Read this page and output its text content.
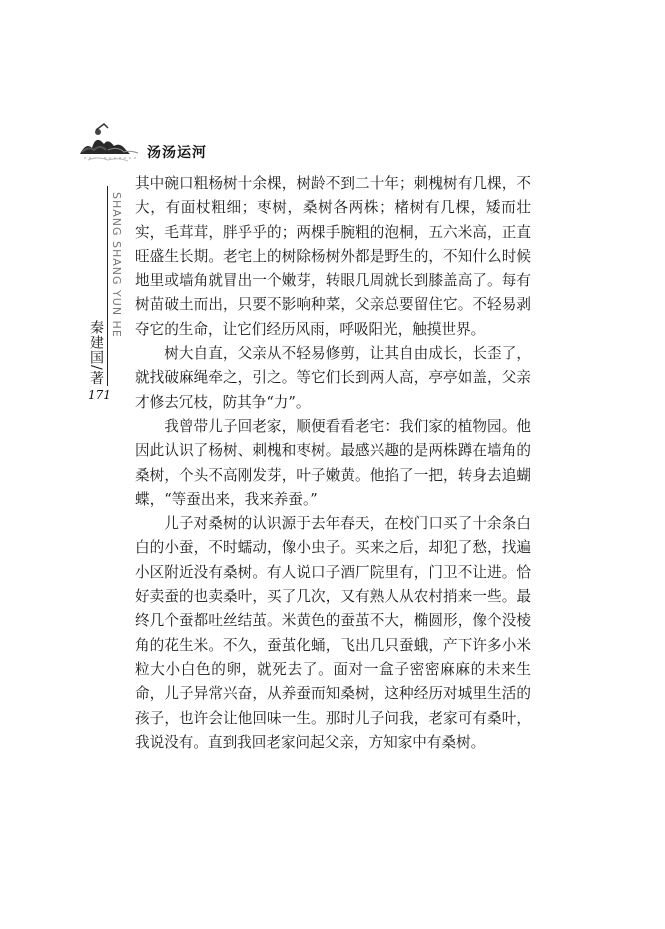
汤汤运河
SHANG SHANG YUN HE
秦建国/著
171

其中碗口粗杨树十余棵，树龄不到二十年；刺槐树有几棵，不大，有面杖粗细；枣树，桑树各两株；楮树有几棵，矮而壮实，毛茸茸，胖乎乎的；两棵手腕粗的泡桐，五六米高，正直旺盛生长期。老宅上的树除杨树外都是野生的，不知什么时候地里或墙角就冒出一个嫩芽，转眼几周就长到膝盖高了。每有树苗破土而出，只要不影响种菜，父亲总要留住它。不轻易剥夺它的生命，让它们经历风雨，呼吸阳光，触摸世界。

树大自直，父亲从不轻易修剪，让其自由成长，长歪了，就找破麻绳牵之，引之。等它们长到两人高，亭亭如盖，父亲才修去冗枝，防其争“力”。

我曾带儿子回老家，顺便看看老宅：我们家的植物园。他因此认识了杨树、刺槐和枣树。最感兴趣的是两株蹲在墙角的桑树，个头不高刚发芽，叶子嫩黄。他掐了一把，转身去追蝴蝶，“等蚕出来，我来养蚕。”

儿子对桑树的认识源于去年春天，在校门口买了十余条白白的小蚕，不时蠕动，像小虫子。买来之后，却犯了愁，找遍小区附近没有桑树。有人说口子酒厂院里有，门卫不让进。恰好卖蚕的也卖桑叶，买了几次，又有熟人从农村捎来一些。最终几个蚕都吐丝结茧。米黄色的蚕茧不大，椭圆形，像个没棱角的花生米。不久，蚕茧化蛹，飞出几只蚕蛾，产下许多小米粒大小白色的卵，就死去了。面对一盒子密密麻麻的未来生命，儿子异常兴奋，从养蚕而知桑树，这种经历对城里生活的孩子，也许会让他回味一生。那时儿子问我，老家可有桑叶，我说没有。直到我回老家问起父亲，方知家中有桑树。
